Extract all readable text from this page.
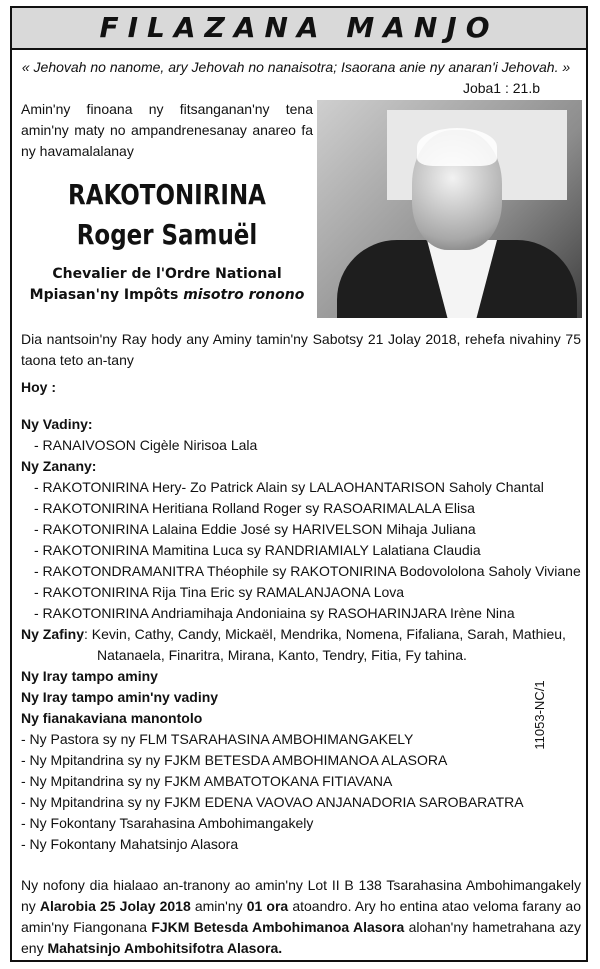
FILAZANA MANJO
« Jehovah no nanome, ary Jehovah no nanaisotra; Isaorana anie ny anaran'i Jehovah. »
Joba1 : 21.b
Amin'ny finoana ny fitsanganan'ny tena amin'ny maty no ampandrenesanay anareo fa ny havamalalanay
RAKOTONIRINA
Roger Samuël
Chevalier de l'Ordre National
Mpiasan'ny Impôts misotro ronono
Dia nantsoin'ny Ray hody any Aminy tamin'ny Sabotsy 21 Jolay 2018, rehefa nivahiny 75 taona teto an-tany
Hoy :
Ny Vadiny:
- RANAIVOSON Cigèle Nirisoa Lala
Ny Zanany:
- RAKOTONIRINA Hery- Zo Patrick Alain sy LALAOHANTARISON Saholy Chantal
- RAKOTONIRINA Heritiana Rolland Roger sy RASOARIMALALA Elisa
- RAKOTONIRINA Lalaina Eddie José sy HARIVELSON Mihaja Juliana
- RAKOTONIRINA Mamitina Luca sy RANDRIAMIALY Lalatiana Claudia
- RAKOTONDRAMANITRA Théophile sy RAKOTONIRINA Bodovololona Saholy Viviane
- RAKOTONIRINA Rija Tina Eric sy RAMALANJAONA Lova
- RAKOTONIRINA Andriamihaja Andoniaina sy RASOHARINJARA Irène Nina
Ny Zafiny: Kevin, Cathy, Candy, Mickaël, Mendrika, Nomena, Fifaliana, Sarah, Mathieu,
Natanaela, Finaritra, Mirana, Kanto, Tendry, Fitia, Fy tahina.
Ny Iray tampo aminy
Ny Iray tampo amin'ny vadiny
Ny fianakaviana manontolo
- Ny Pastora sy ny FLM TSARAHASINA AMBOHIMANGAKELY
- Ny Mpitandrina sy ny FJKM BETESDA AMBOHIMANOA ALASORA
- Ny Mpitandrina sy ny FJKM AMBATOTOKANA FITIAVANA
- Ny Mpitandrina sy ny FJKM EDENA VAOVAO ANJANADORIA SAROBARATRA
- Ny Fokontany Tsarahasina Ambohimangakely
- Ny Fokontany Mahatsinjo Alasora
11053-NC/1
Ny nofony dia hialaao an-tranony ao amin'ny Lot II B 138 Tsarahasina Ambohimangakely ny Alarobia 25 Jolay 2018 amin'ny 01 ora atoandro. Ary ho entina atao veloma farany ao amin'ny Fiangonana FJKM Betesda Ambohimanoa Alasora alohan'ny hametrahana azy eny Mahatsinjo Ambohitsifotra Alasora.
